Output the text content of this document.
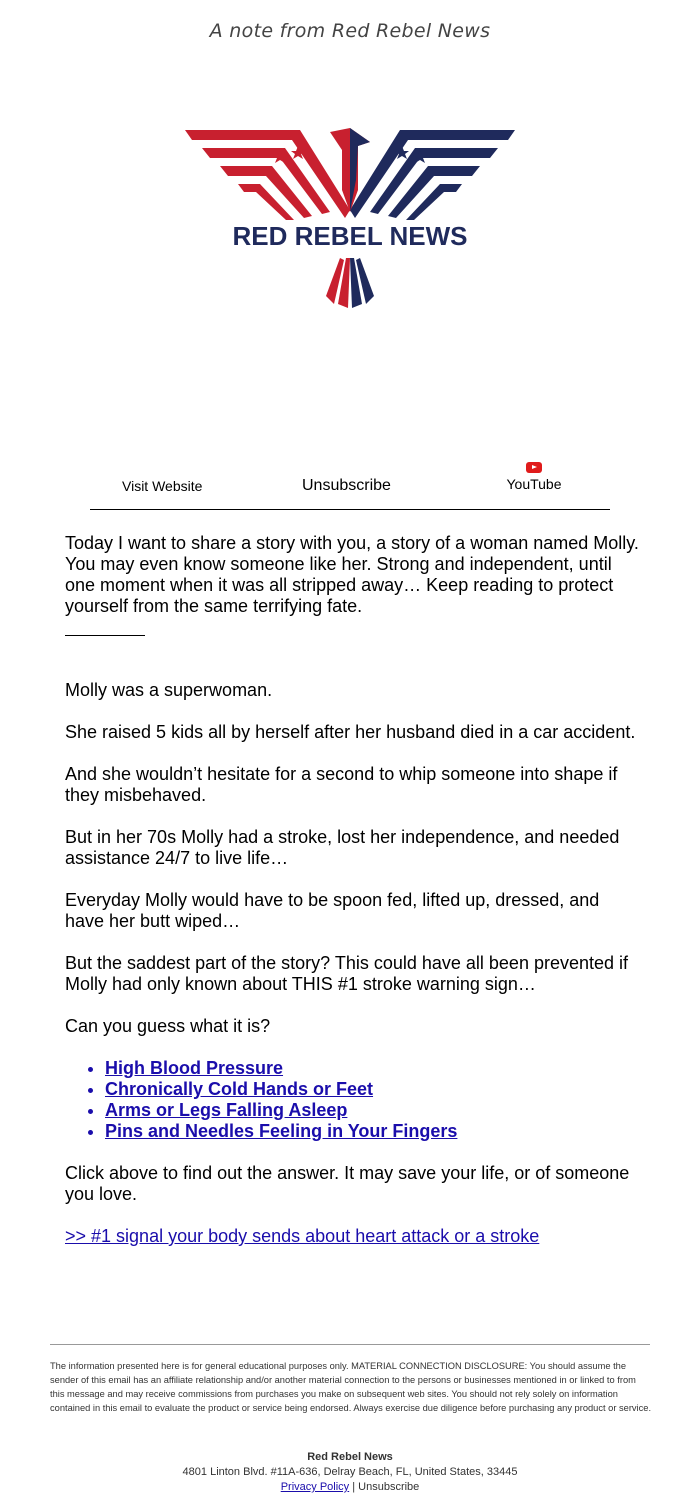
A note from Red Rebel News
RED REBEL NEWS
Visit Website	Unsubscribe	YouTube

Today I want to share a story with you, a story of a woman named Molly. You may even know someone like her. Strong and independent, until one moment when it was all stripped away… Keep reading to protect yourself from the same terrifying fate.

Molly was a superwoman.

She raised 5 kids all by herself after her husband died in a car accident.

And she wouldn’t hesitate for a second to whip someone into shape if they misbehaved.

But in her 70s Molly had a stroke, lost her independence, and needed assistance 24/7 to live life…

Everyday Molly would have to be spoon fed, lifted up, dressed, and have her butt wiped…

But the saddest part of the story? This could have all been prevented if Molly had only known about THIS #1 stroke warning sign…

Can you guess what it is?

• High Blood Pressure
• Chronically Cold Hands or Feet
• Arms or Legs Falling Asleep
• Pins and Needles Feeling in Your Fingers

Click above to find out the answer. It may save your life, or of someone you love.

>> #1 signal your body sends about heart attack or a stroke

The information presented here is for general educational purposes only. MATERIAL CONNECTION DISCLOSURE: You should assume the sender of this email has an affiliate relationship and/or another material connection to the persons or businesses mentioned in or linked to from this message and may receive commissions from purchases you make on subsequent web sites. You should not rely solely on information contained in this email to evaluate the product or service being endorsed. Always exercise due diligence before purchasing any product or service.
Red Rebel News
4801 Linton Blvd. #11A-636, Delray Beach, FL, United States, 33445
Privacy Policy | Unsubscribe
